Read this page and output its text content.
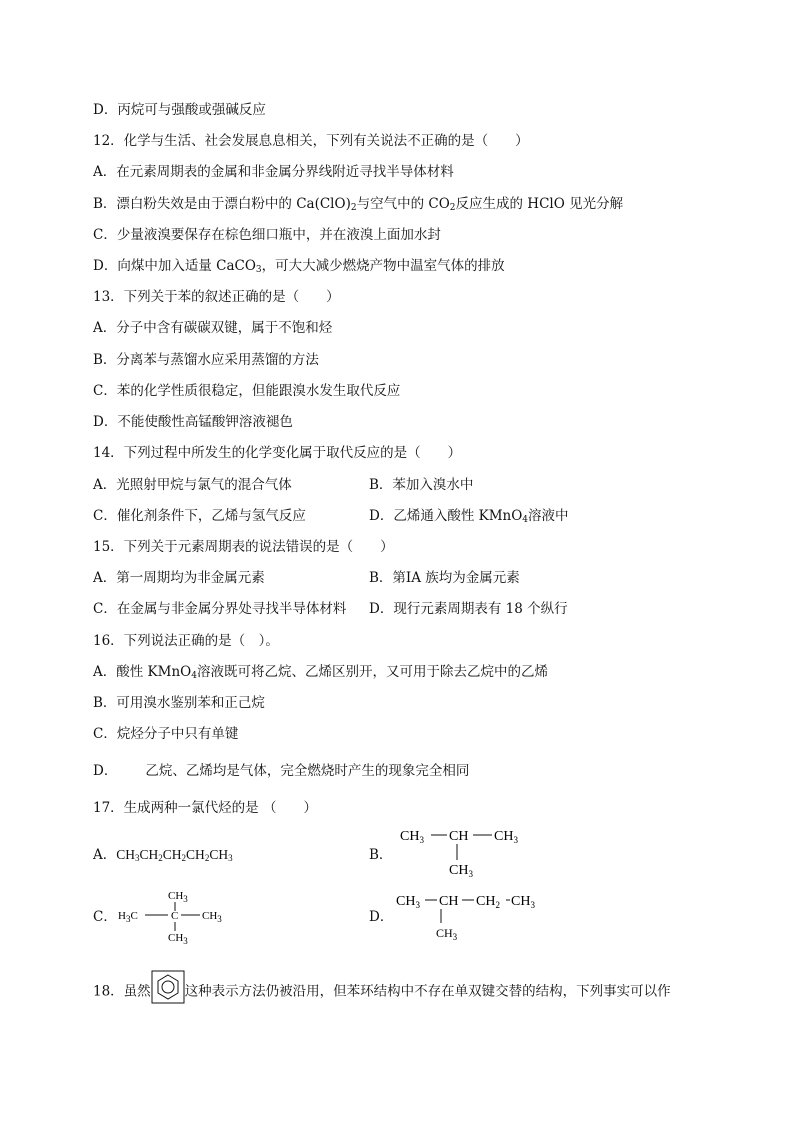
D．丙烷可与强酸或强碱反应
12．化学与生活、社会发展息息相关，下列有关说法不正确的是（　　）
A．在元素周期表的金属和非金属分界线附近寻找半导体材料
B．漂白粉失效是由于漂白粉中的 $Ca(ClO)_2$与空气中的 $CO_2$反应生成的 HClO 见光分解
C．少量液溴要保存在棕色细口瓶中，并在液溴上面加水封
D．向煤中加入适量 CaCO$_3$，可大大减少燃烧产物中温室气体的排放
13．下列关于苯的叙述正确的是（　　）
A．分子中含有碳碳双键，属于不饱和烃
B．分离苯与蒸馏水应采用蒸馏的方法
C．苯的化学性质很稳定，但能跟溴水发生取代反应
D．不能使酸性高锰酸钾溶液褪色
14．下列过程中所发生的化学变化属于取代反应的是（　　）
A．光照射甲烷与氯气的混合气体	B．苯加入溴水中
C．催化剂条件下，乙烯与氢气反应	D．乙烯通入酸性 KMnO$_4$溶液中
15．下列关于元素周期表的说法错误的是（　　）
A．第一周期均为非金属元素	B．第ⅠA 族均为金属元素
C．在金属与非金属分界处寻找半导体材料 D．现行元素周期表有 18 个纵行
16．下列说法正确的是（　）。
A．酸性 KMnO$_4$溶液既可将乙烷、乙烯区别开，又可用于除去乙烷中的乙烯
B．可用溴水鉴别苯和正己烷
C．烷烃分子中只有单键
D． 乙烷、乙烯均是气体，完全燃烧时产生的现象完全相同
17．生成两种一氯代烃的是 （　　）
A．$CH_3CH_2CH_2CH_2CH_3$	B．
$CH_3$ CH $CH_3$
$CH_3$
C．
$CH_3$
$H_3C$	C $CH_3$
$CH_3$
D．
$CH_3$ CH $CH_2$ $CH_3$
$CH_3$
18．虽然	这种表示方法仍被沿用，但苯环结构中不存在单双键交替的结构，下列事实可以作
